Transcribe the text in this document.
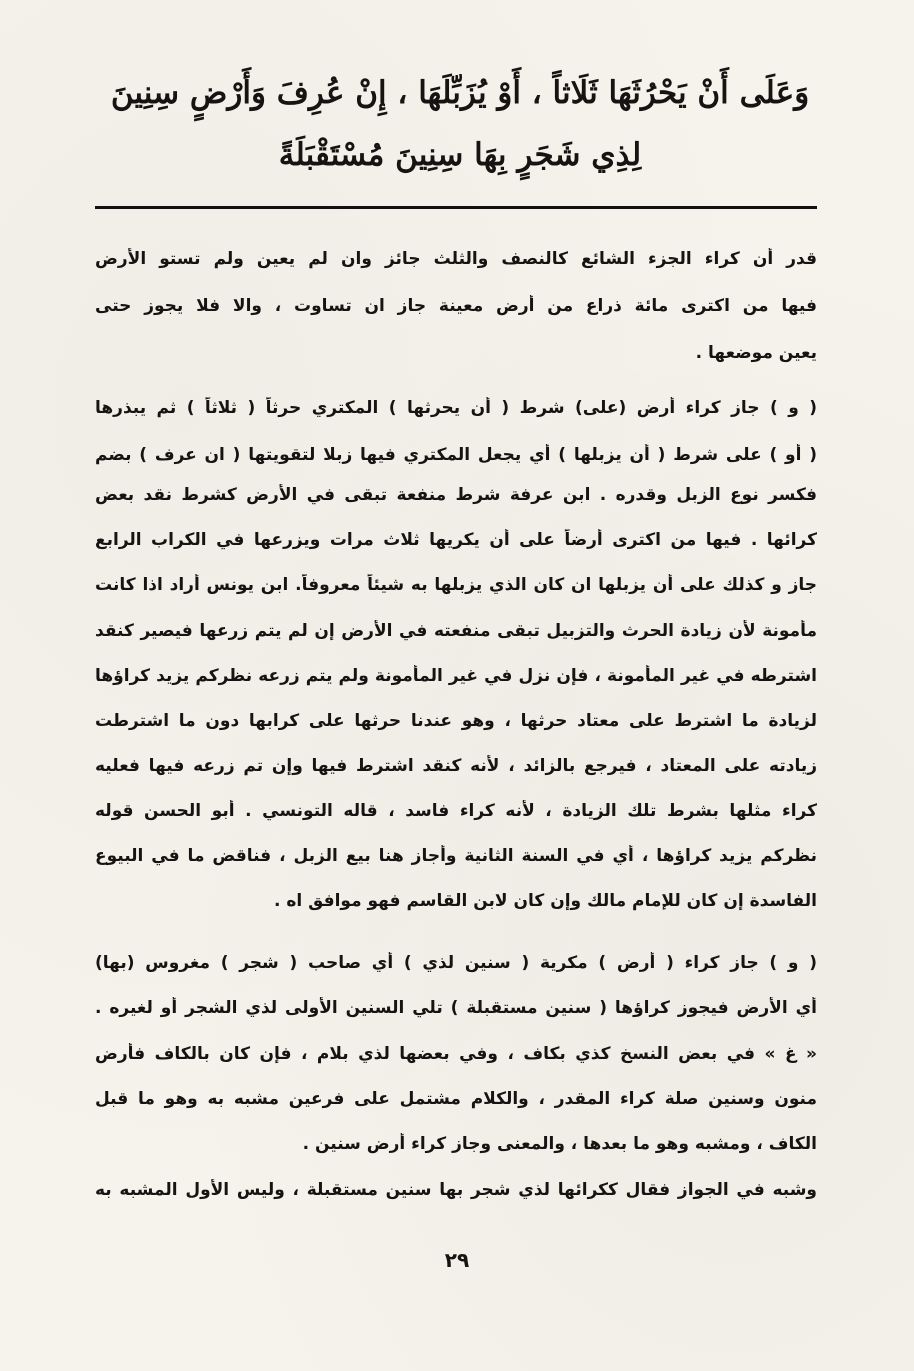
وَعَلَى أَنْ يَحْرُثَهَا ثَلَاثاً ، أَوْ يُزَبِّلَهَا ، إِنْ عُرِفَ وَأَرْضٍ سِنِينَ
لِذِي شَجَرٍ بِهَا سِنِينَ مُسْتَقْبَلَةً
قدر أن كراء الجزء الشائع كالنصف والثلث جائز وان لم يعين ولم تستو الأرض
فيها من اكترى مائة ذراع من أرض معينة جاز ان تساوت ، والا فلا يجوز حتى
يعين موضعها .
( و ) جاز كراء أرض (على) شرط ( أن يحرثها ) المكتري حرثاً ( ثلاثاً ) ثم يبذرها
( أو ) على شرط ( أن يزبلها ) أي يجعل المكتري فيها زبلا لتقويتها ( ان عرف ) بضم
فكسر نوع الزبل وقدره . ابن عرفة شرط منفعة تبقى في الأرض كشرط نقد بعض
كرائها . فيها من اكترى أرضاً على أن يكريها ثلاث مرات ويزرعها في الكراب الرابع
جاز و كذلك على أن يزبلها ان كان الذي يزبلها به شيئاً معروفاً. ابن يونس أراد اذا كانت
مأمونة لأن زيادة الحرث والتزبيل تبقى منفعته في الأرض إن لم يتم زرعها فيصير كنقد
اشترطه في غير المأمونة ، فإن نزل في غير المأمونة ولم يتم زرعه نظركم يزيد كراؤها
لزيادة ما اشترط على معتاد حرثها ، وهو عندنا حرثها على كرابها دون ما اشترطت
زيادته على المعتاد ، فيرجع بالزائد ، لأنه كنقد اشترط فيها وإن تم زرعه فيها فعليه
كراء مثلها بشرط تلك الزيادة ، لأنه كراء فاسد ، قاله التونسي . أبو الحسن قوله
نظركم يزيد كراؤها ، أي في السنة الثانية وأجاز هنا بيع الزبل ، فناقض ما في البيوع
الفاسدة إن كان للإمام مالك وإن كان لابن القاسم فهو موافق اه .
( و ) جاز كراء ( أرض ) مكرية ( سنين لذي ) أي صاحب ( شجر ) مغروس (بها)
أي الأرض فيجوز كراؤها ( سنين مستقبلة ) تلي السنين الأولى لذي الشجر أو لغيره .
« غ » في بعض النسخ كذي بكاف ، وفي بعضها لذي بلام ، فإن كان بالكاف فأرض
منون وسنين صلة كراء المقدر ، والكلام مشتمل على فرعين مشبه به وهو ما قبل
الكاف ، ومشبه وهو ما بعدها ، والمعنى وجاز كراء أرض سنين .
وشبه في الجواز فقال ككرائها لذي شجر بها سنين مستقبلة ، وليس الأول المشبه به
٢٩
